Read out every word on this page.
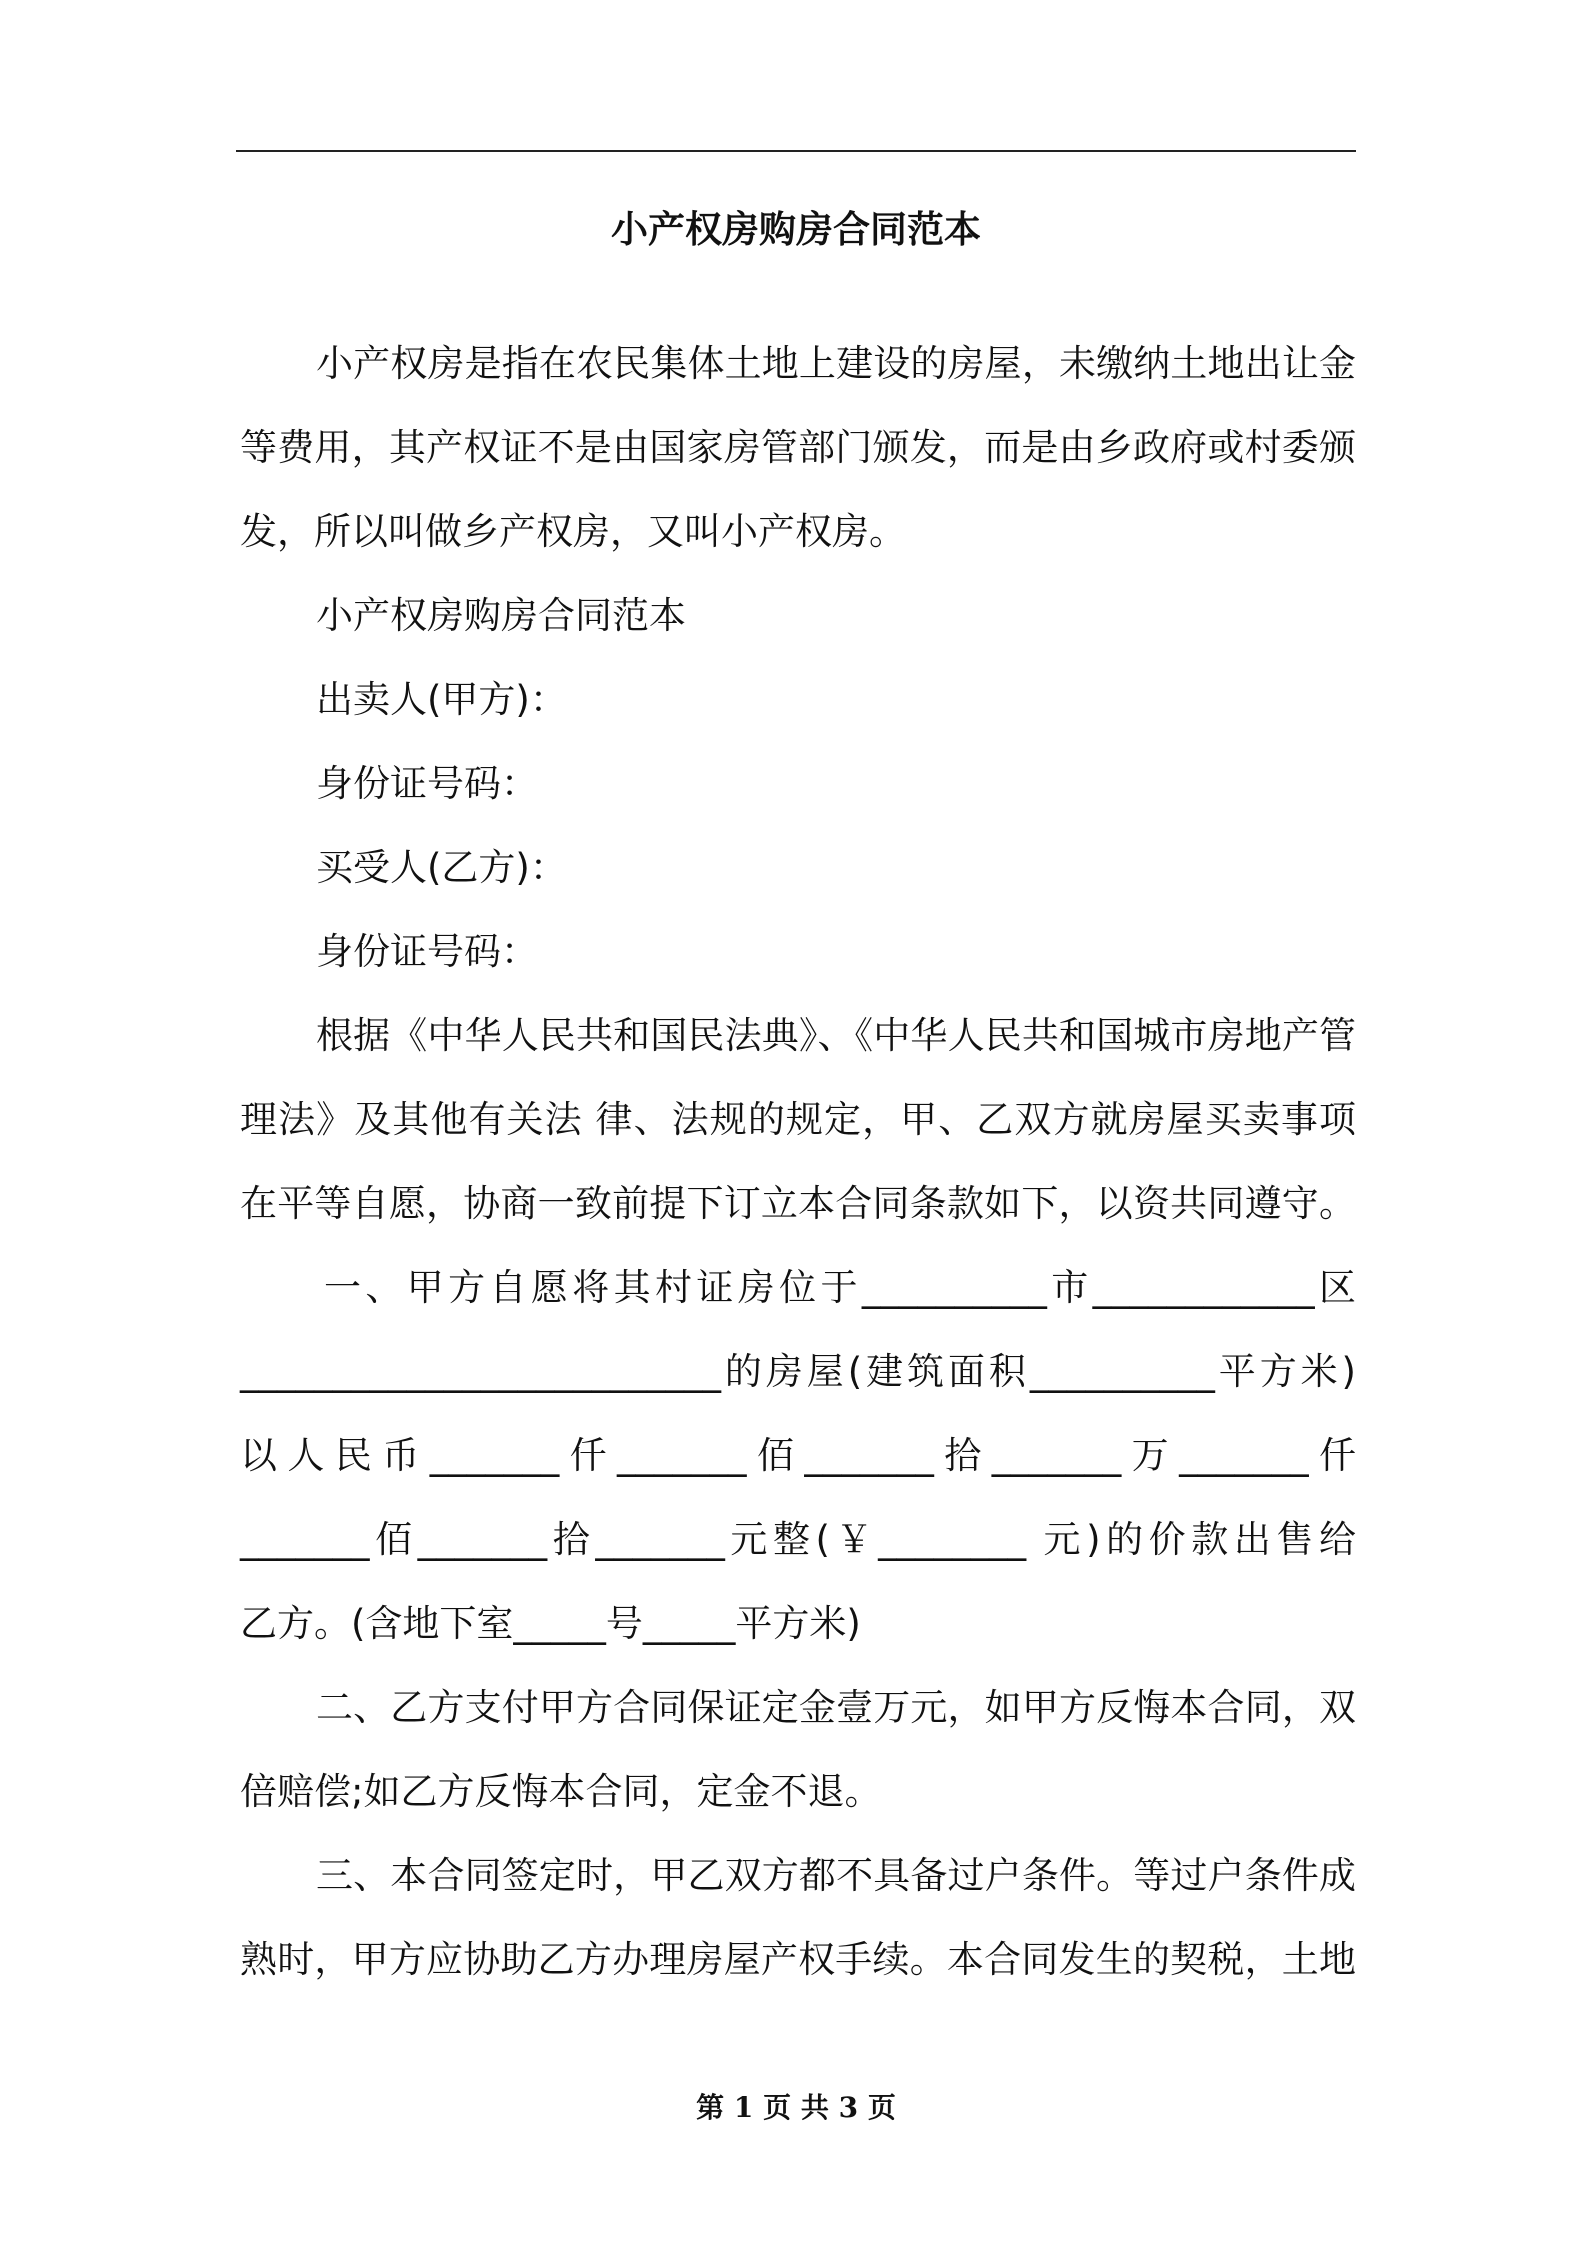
小产权房购房合同范本

小产权房是指在农民集体土地上建设的房屋，未缴纳土地出让金

等费用，其产权证不是由国家房管部门颁发，而是由乡政府或村委颁

发，所以叫做乡产权房，又叫小产权房。

小产权房购房合同范本

出卖人(甲方)：

身份证号码：

买受人(乙方)：

身份证号码：

根据《中华人民共和国民法典》、《中华人民共和国城市房地产管

理法》及其他有关法 律、法规的规定，甲、乙双方就房屋买卖事项

在平等自愿，协商一致前提下订立本合同条款如下，以资共同遵守。

一、甲方自愿将其村证房位于__________市____________区

__________________________的房屋(建筑面积__________平方米)

以人民币_______仟_______佰_______拾_______万_______仟

_______佰_______拾_______元整(￥________ 元)的价款出售给

乙方。(含地下室_____号_____平方米)

二、乙方支付甲方合同保证定金壹万元，如甲方反悔本合同，双

倍赔偿;如乙方反悔本合同，定金不退。

三、本合同签定时，甲乙双方都不具备过户条件。等过户条件成

熟时，甲方应协助乙方办理房屋产权手续。本合同发生的契税，土地

第 1 页 共 3 页
